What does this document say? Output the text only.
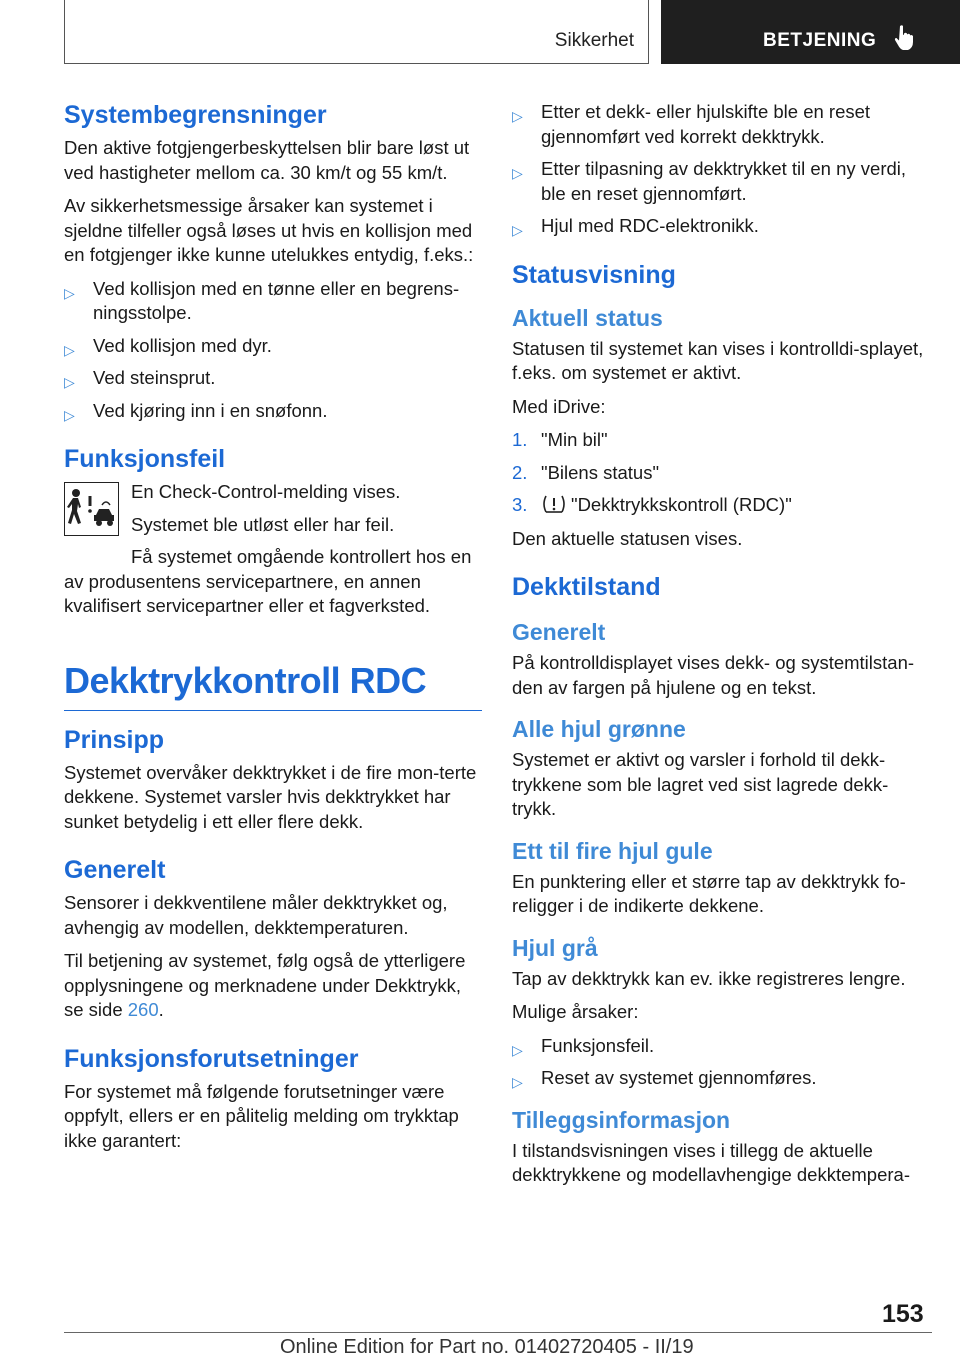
Sikkerhet	BETJENING
Systembegrensninger
Den aktive fotgjengerbeskyttelsen blir bare løst ut ved hastigheter mellom ca. 30 km/t og 55 km/t.
Av sikkerhetsmessige årsaker kan systemet i sjeldne tilfeller også løses ut hvis en kollisjon med en fotgjenger ikke kunne utelukkes entydig, f.eks.:
▷ Ved kollisjon med en tønne eller en begrens‐ningsstolpe.
▷ Ved kollisjon med dyr.
▷ Ved steinsprut.
▷ Ved kjøring inn i en snøfonn.
Funksjonsfeil
En Check-Control-melding vises.
Systemet ble utløst eller har feil.
Få systemet omgående kontrollert hos en av produsentens servicepartnere, en annen kvalifisert servicepartner eller et fagverksted.
Dekktrykkontroll RDC
Prinsipp
Systemet overvåker dekktrykket i de fire mon‐terte dekkene. Systemet varsler hvis dekktrykket har sunket betydelig i ett eller flere dekk.
Generelt
Sensorer i dekkventilene måler dekktrykket og, avhengig av modellen, dekktemperaturen.
Til betjening av systemet, følg også de ytterligere opplysningene og merknadene under Dekktrykk, se side 260.
Funksjonsforutsetninger
For systemet må følgende forutsetninger være oppfylt, ellers er en pålitelig melding om trykktap ikke garantert:
▷ Etter et dekk- eller hjulskifte ble en reset gjennomført ved korrekt dekktrykk.
▷ Etter tilpasning av dekktrykket til en ny verdi, ble en reset gjennomført.
▷ Hjul med RDC-elektronikk.
Statusvisning
Aktuell status
Statusen til systemet kan vises i kontrolldi‐splayet, f.eks. om systemet er aktivt.
Med iDrive:
1. "Min bil"
2. "Bilens status"
3. "Dekktrykkskontroll (RDC)"
Den aktuelle statusen vises.
Dekktilstand
Generelt
På kontrolldisplayet vises dekk- og systemtilstan‐den av fargen på hjulene og en tekst.
Alle hjul grønne
Systemet er aktivt og varsler i forhold til dekk‐trykkene som ble lagret ved sist lagrede dekk‐trykk.
Ett til fire hjul gule
En punktering eller et større tap av dekktrykk fo‐religger i de indikerte dekkene.
Hjul grå
Tap av dekktrykk kan ev. ikke registreres lengre.
Mulige årsaker:
▷ Funksjonsfeil.
▷ Reset av systemet gjennomføres.
Tilleggsinformasjon
I tilstandsvisningen vises i tillegg de aktuelle dekktrykkene og modellavhengige dekktempera‐
153
Online Edition for Part no. 01402720405 - II/19
